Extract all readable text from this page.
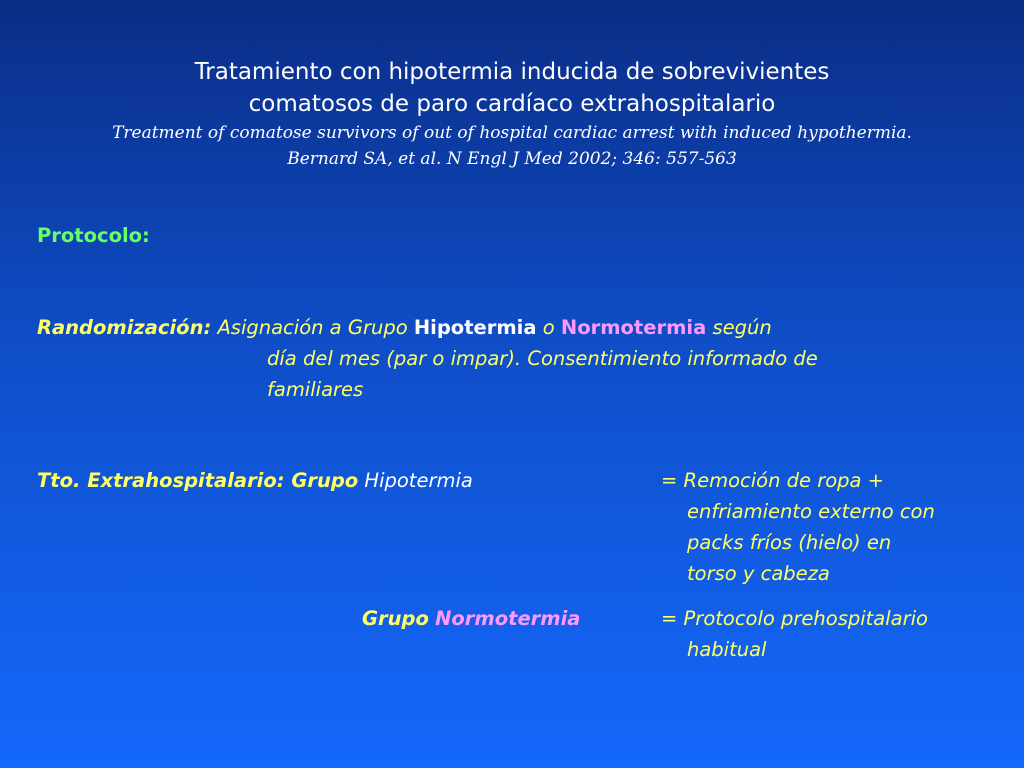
Tratamiento con hipotermia inducida de sobrevivientes
comatosos de paro cardíaco extrahospitalario
Treatment of comatose survivors of out of hospital cardiac arrest with induced hypothermia.
Bernard SA, et al. N Engl J Med 2002; 346: 557-563
Protocolo:
Randomización: Asignación a Grupo Hipotermia o Normotermia según
día del mes (par o impar). Consentimiento informado de
familiares
Tto. Extrahospitalario: Grupo Hipotermia	= Remoción de ropa +
enfriamiento externo con
packs fríos (hielo) en
torso y cabeza
Grupo Normotermia	= Protocolo prehospitalario
habitual
